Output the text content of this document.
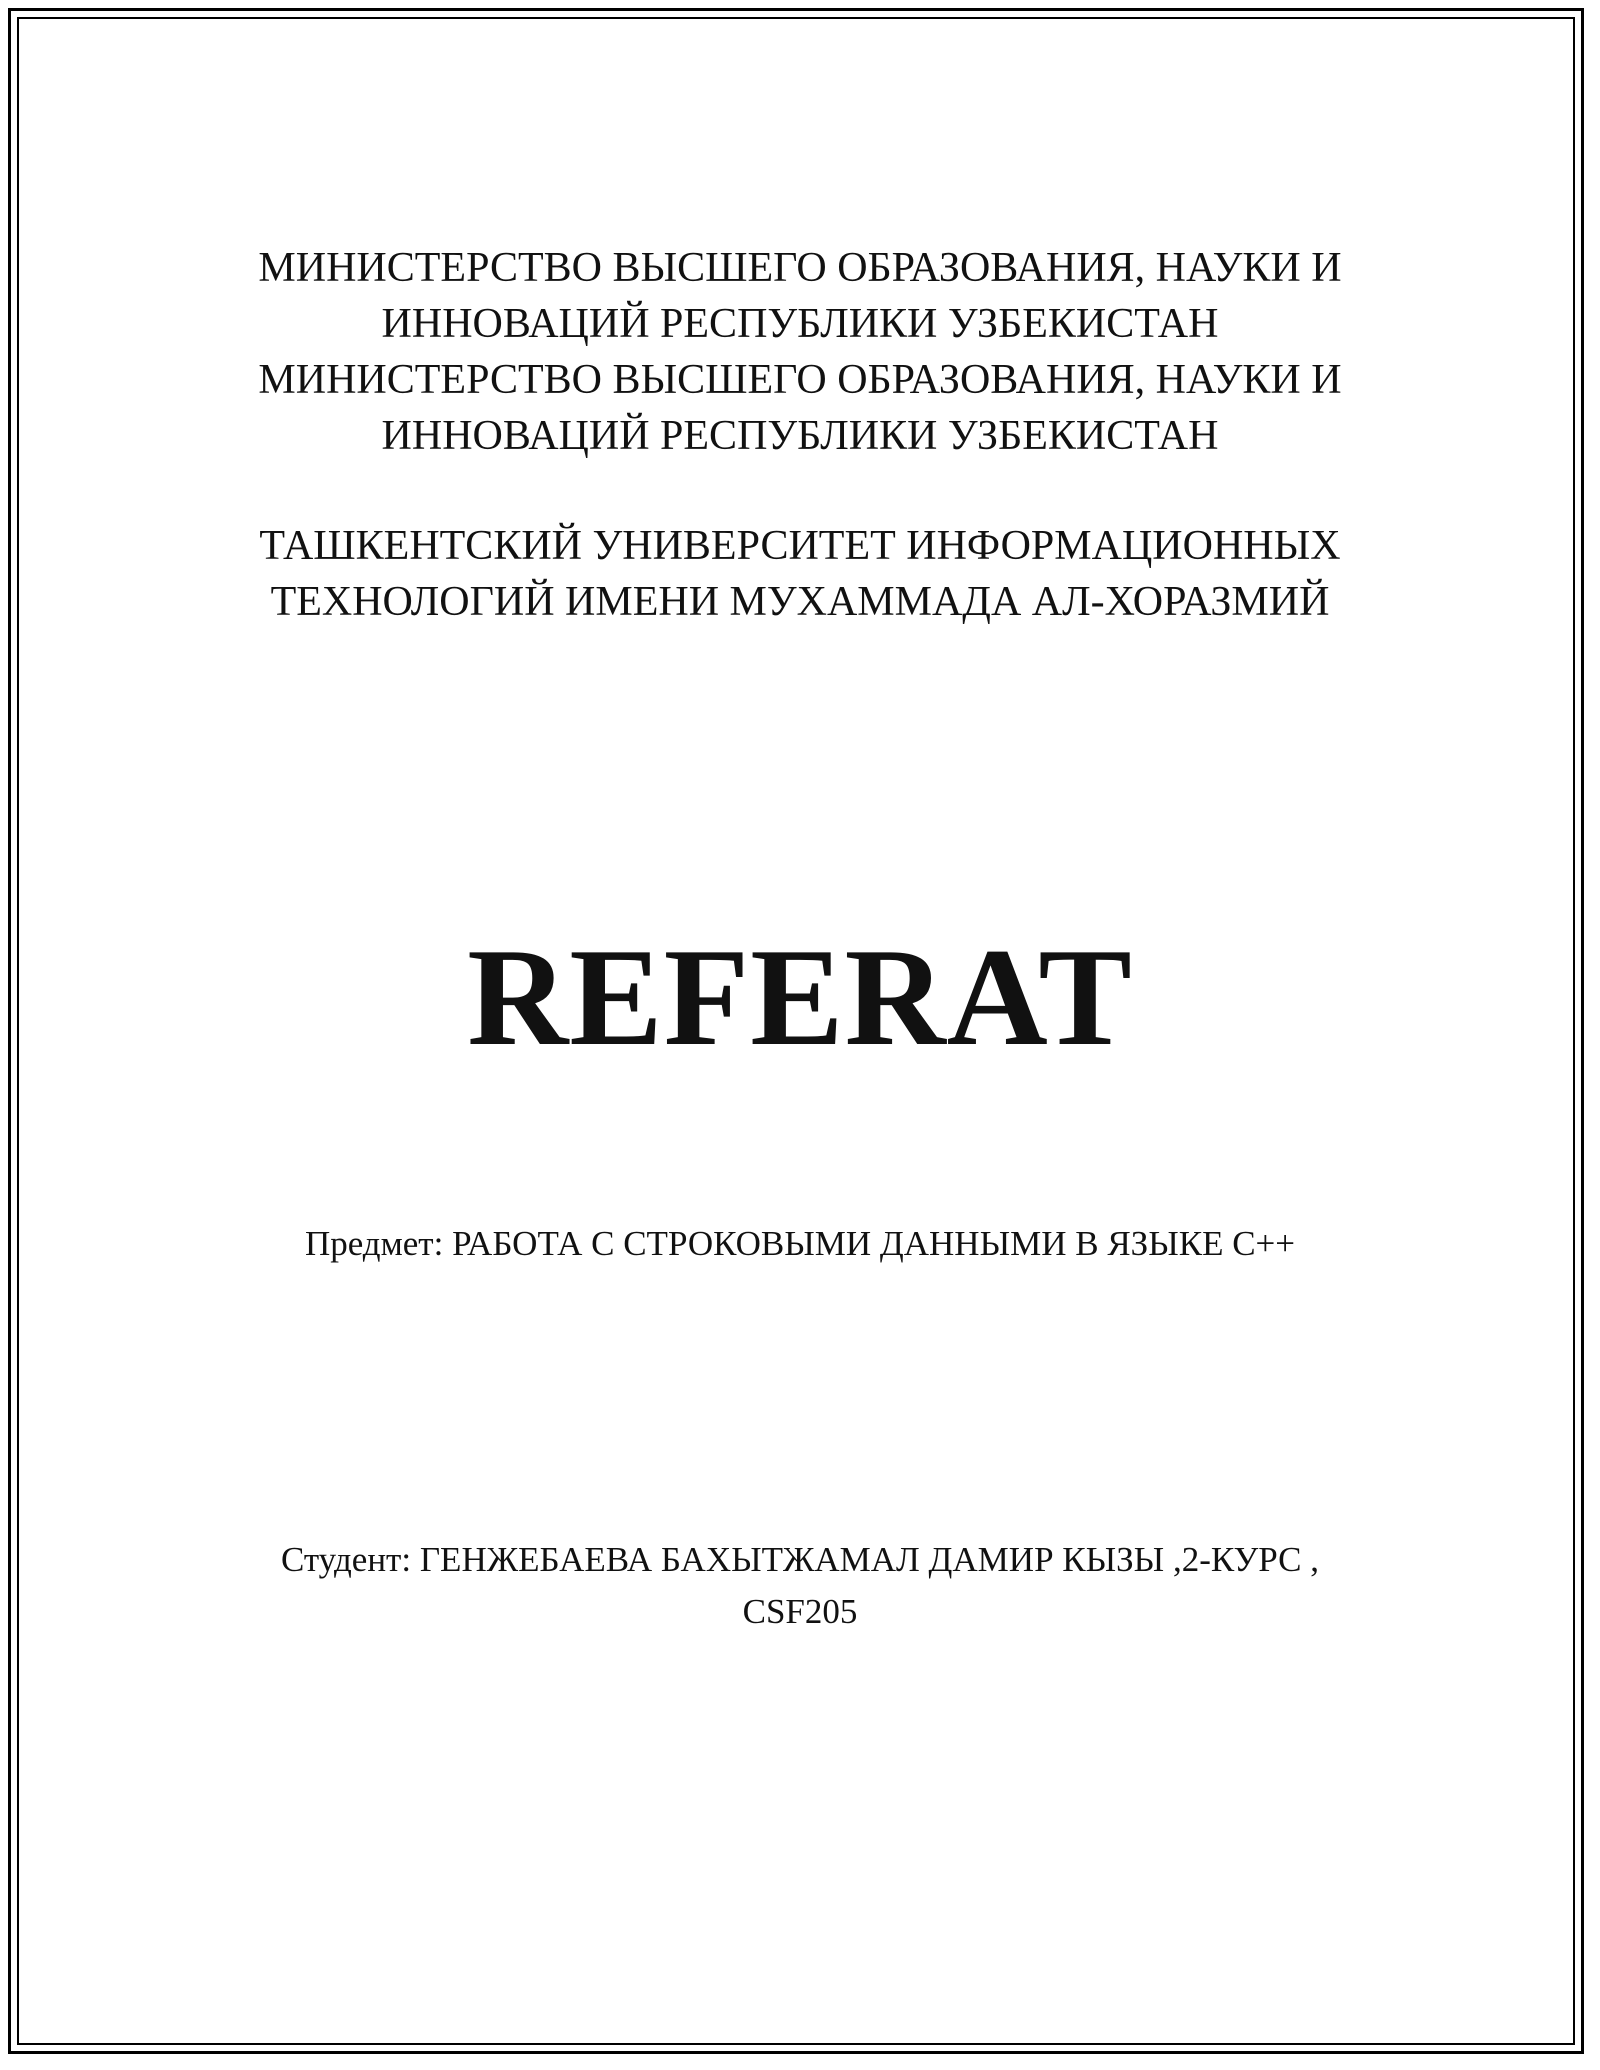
МИНИСТЕРСТВО ВЫСШЕГО ОБРАЗОВАНИЯ, НАУКИ И
ИННОВАЦИЙ РЕСПУБЛИКИ УЗБЕКИСТАН
МИНИСТЕРСТВО ВЫСШЕГО ОБРАЗОВАНИЯ, НАУКИ И
ИННОВАЦИЙ РЕСПУБЛИКИ УЗБЕКИСТАН
ТАШКЕНТСКИЙ УНИВЕРСИТЕТ ИНФОРМАЦИОННЫХ
ТЕХНОЛОГИЙ ИМЕНИ МУХАММАДА АЛ-ХОРАЗМИЙ
REFERAT

Предмет: РАБОТА С СТРОКОВЫМИ ДАННЫМИ В ЯЗЫКЕ C++

Студент: ГЕНЖЕБАЕВА БАХЫТЖАМАЛ ДАМИР КЫЗЫ ,2-КУРС ,
CSF205
